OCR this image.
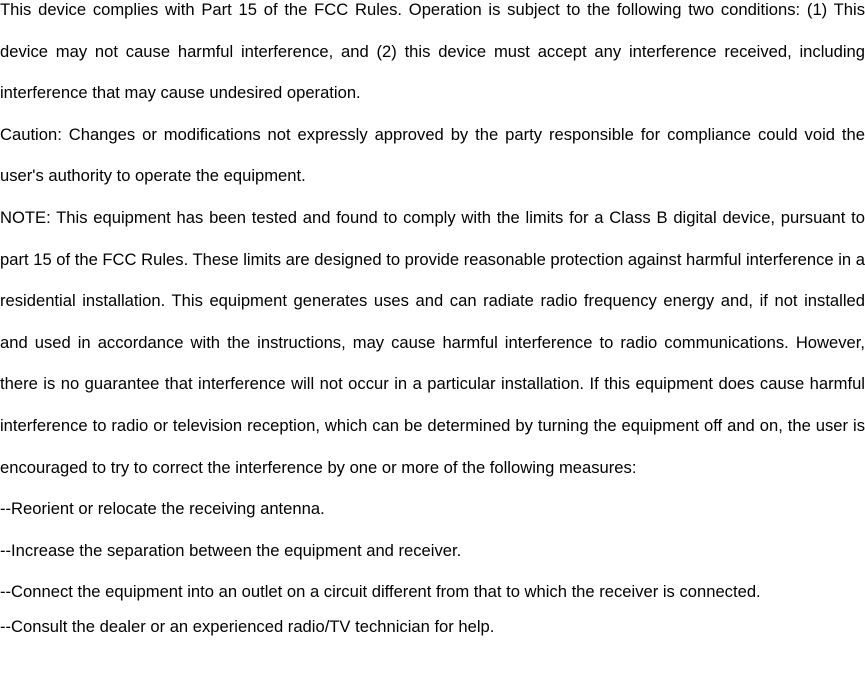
This device complies with Part 15 of the FCC Rules. Operation is subject to the following two conditions: (1) This device may not cause harmful interference, and (2) this device must accept any interference received, including interference that may cause undesired operation.

Caution: Changes or modifications not expressly approved by the party responsible for compliance could void the user's authority to operate the equipment.

NOTE: This equipment has been tested and found to comply with the limits for a Class B digital device, pursuant to part 15 of the FCC Rules. These limits are designed to provide reasonable protection against harmful interference in a residential installation. This equipment generates uses and can radiate radio frequency energy and, if not installed and used in accordance with the instructions, may cause harmful interference to radio communications. However, there is no guarantee that interference will not occur in a particular installation. If this equipment does cause harmful interference to radio or television reception, which can be determined by turning the equipment off and on, the user is encouraged to try to correct the interference by one or more of the following measures:

--Reorient or relocate the receiving antenna.

--Increase the separation between the equipment and receiver.

--Connect the equipment into an outlet on a circuit different from that to which the receiver is connected.

--Consult the dealer or an experienced radio/TV technician for help.
